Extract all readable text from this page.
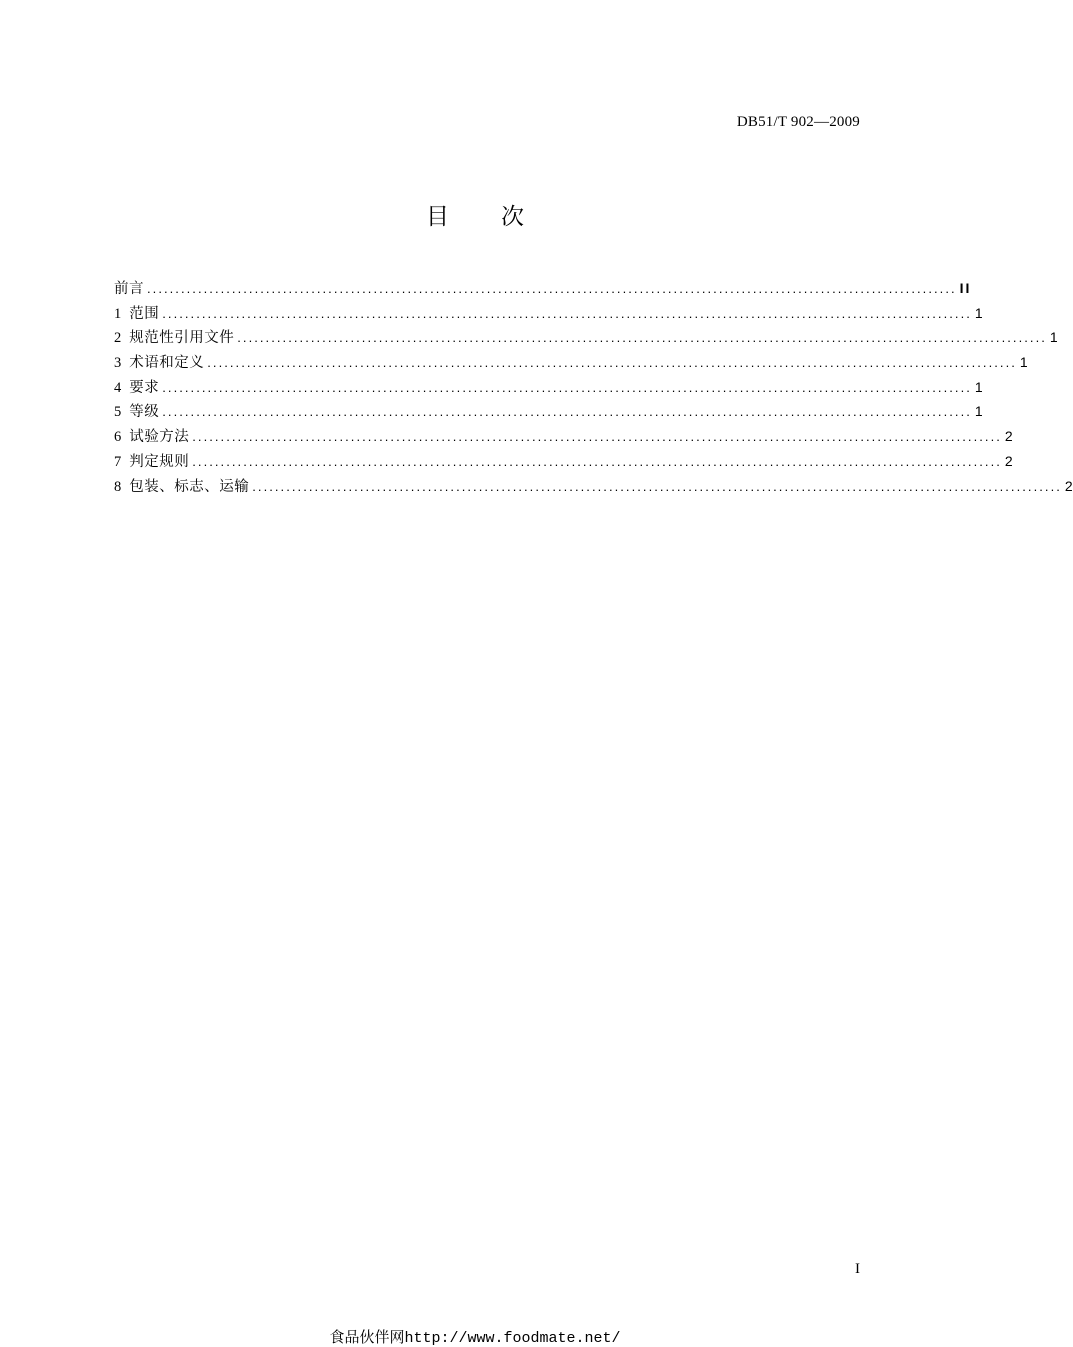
DB51/T 902—2009
目 次
前言 ............................................................................................................................................... II
1 范围 ............................................................................................................................................... 1
2 规范性引用文件 ............................................................................................................................................... 1
3 术语和定义 ............................................................................................................................................... 1
4 要求 ............................................................................................................................................... 1
5 等级 ............................................................................................................................................... 1
6 试验方法 ............................................................................................................................................... 2
7 判定规则 ............................................................................................................................................... 2
8 包装、标志、运输 ............................................................................................................................................... 2
I
食品伙伴网http://www.foodmate.net/
